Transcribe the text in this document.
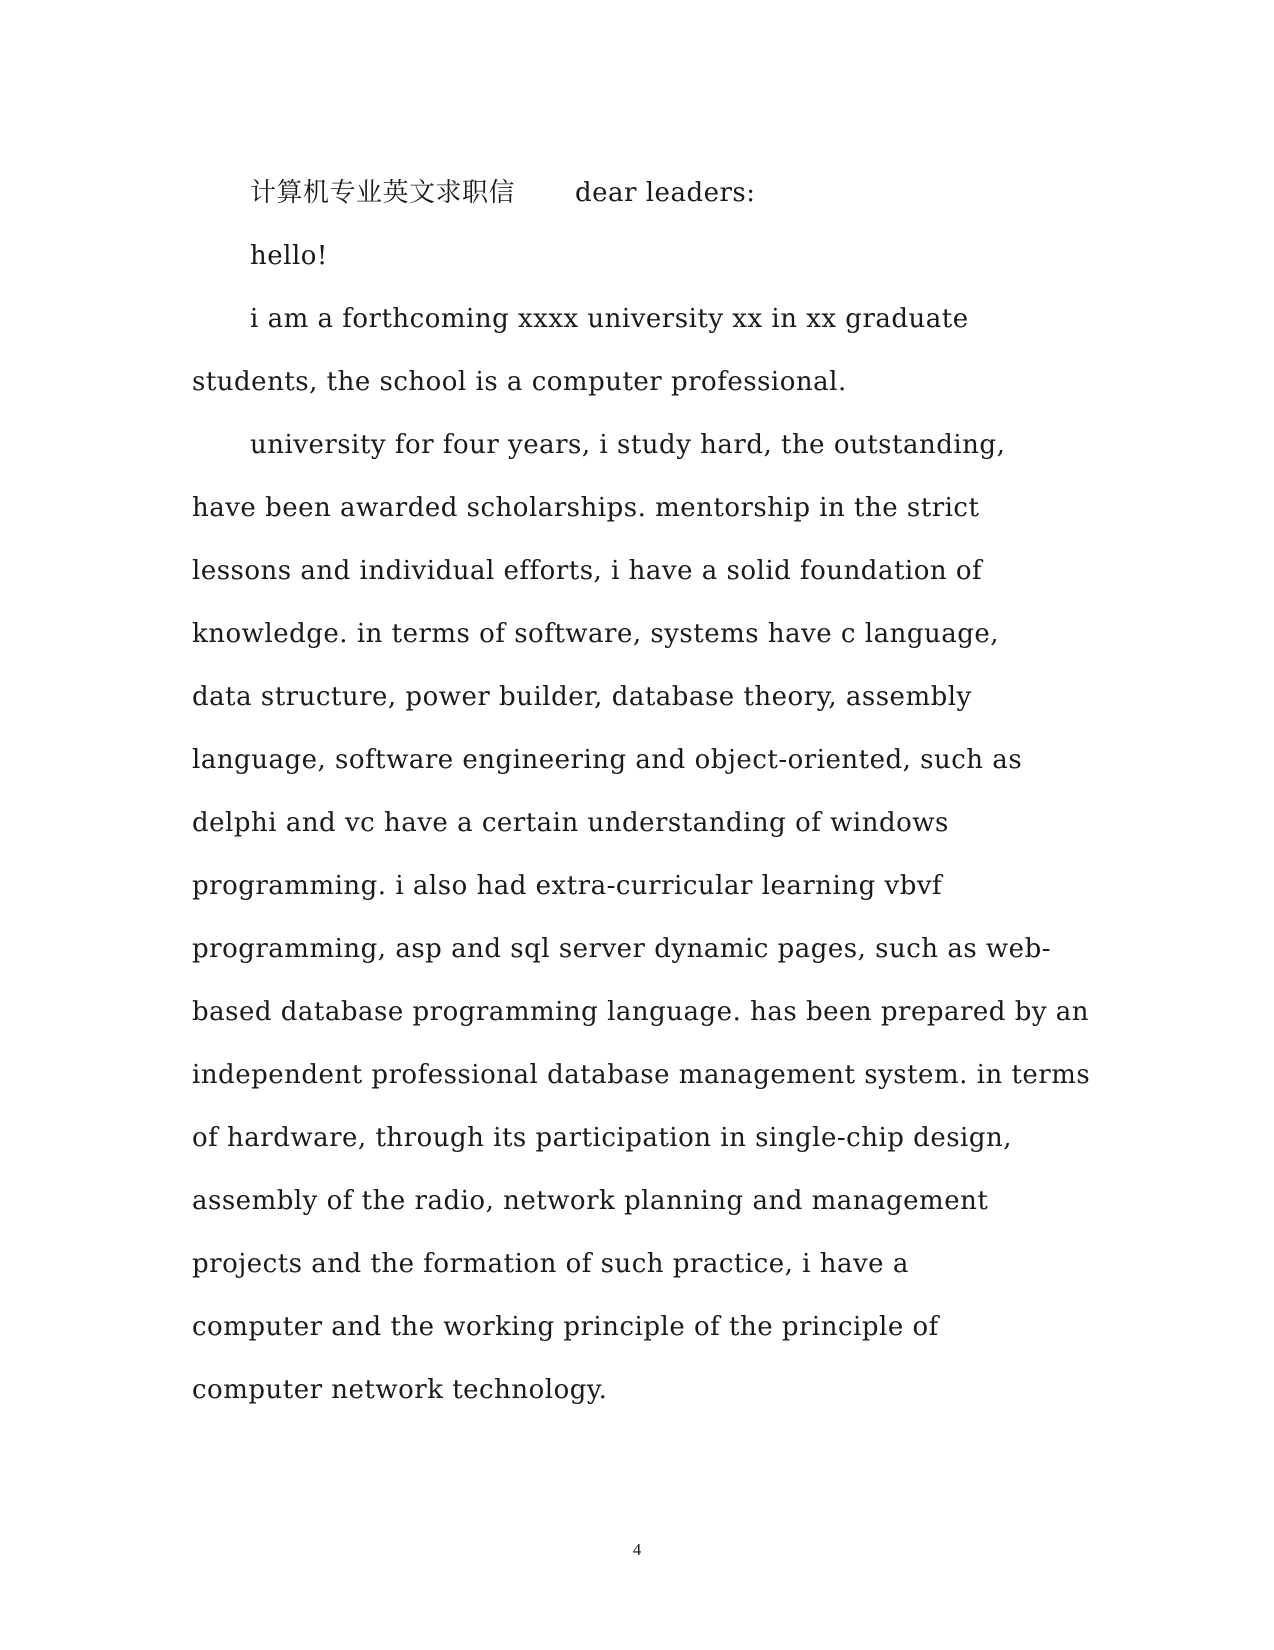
计算机专业英文求职信 dear leaders:

hello!

i am a forthcoming xxxx university xx in xx graduate

students, the school is a computer professional.

university for four years, i study hard, the outstanding,

have been awarded scholarships. mentorship in the strict

lessons and individual efforts, i have a solid foundation of

knowledge. in terms of software, systems have c language,

data structure, power builder, database theory, assembly

language, software engineering and object-oriented, such as

delphi and vc have a certain understanding of windows

programming. i also had extra-curricular learning vbvf

programming, asp and sql server dynamic pages, such as web-

based database programming language. has been prepared by an

independent professional database management system. in terms

of hardware, through its participation in single-chip design,

assembly of the radio, network planning and management

projects and the formation of such practice, i have a

computer and the working principle of the principle of

computer network technology.

4
